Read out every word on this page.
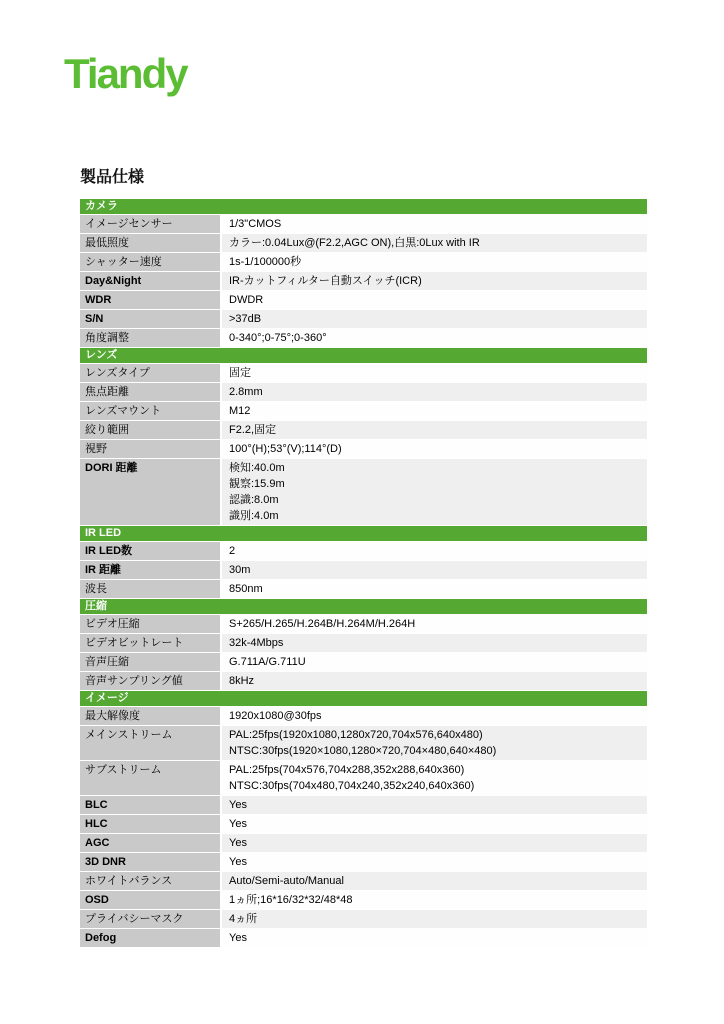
Tiandy
製品仕様
カメラ
イメージセンサー	1/3"CMOS
最低照度	カラー:0.04Lux@(F2.2,AGC ON),白黒:0Lux with IR
シャッター速度	1s-1/100000秒
Day&Night	IR-カットフィルター自動スイッチ(ICR)
WDR	DWDR
S/N	>37dB
角度調整	0-340°;0-75°;0-360°
レンズ
レンズタイプ	固定
焦点距離	2.8mm
レンズマウント	M12
絞り範囲	F2.2,固定
視野	100°(H);53°(V);114°(D)
DORI 距離	検知:40.0m
観察:15.9m
認識:8.0m
識別:4.0m
IR LED
IR LED数	2
IR 距離	30m
波長	850nm
圧縮
ビデオ圧縮	S+265/H.265/H.264B/H.264M/H.264H
ビデオビットレート	32k-4Mbps
音声圧縮	G.711A/G.711U
音声サンプリング値	8kHz
イメージ
最大解像度	1920x1080@30fps
メインストリーム	PAL:25fps(1920x1080,1280x720,704x576,640x480)
NTSC:30fps(1920×1080,1280×720,704×480,640×480)
サブストリーム	PAL:25fps(704x576,704x288,352x288,640x360)
NTSC:30fps(704x480,704x240,352x240,640x360)
BLC	Yes
HLC	Yes
AGC	Yes
3D DNR	Yes
ホワイトバランス	Auto/Semi-auto/Manual
OSD	1ヵ所;16*16/32*32/48*48
プライバシーマスク	4ヵ所
Defog	Yes
